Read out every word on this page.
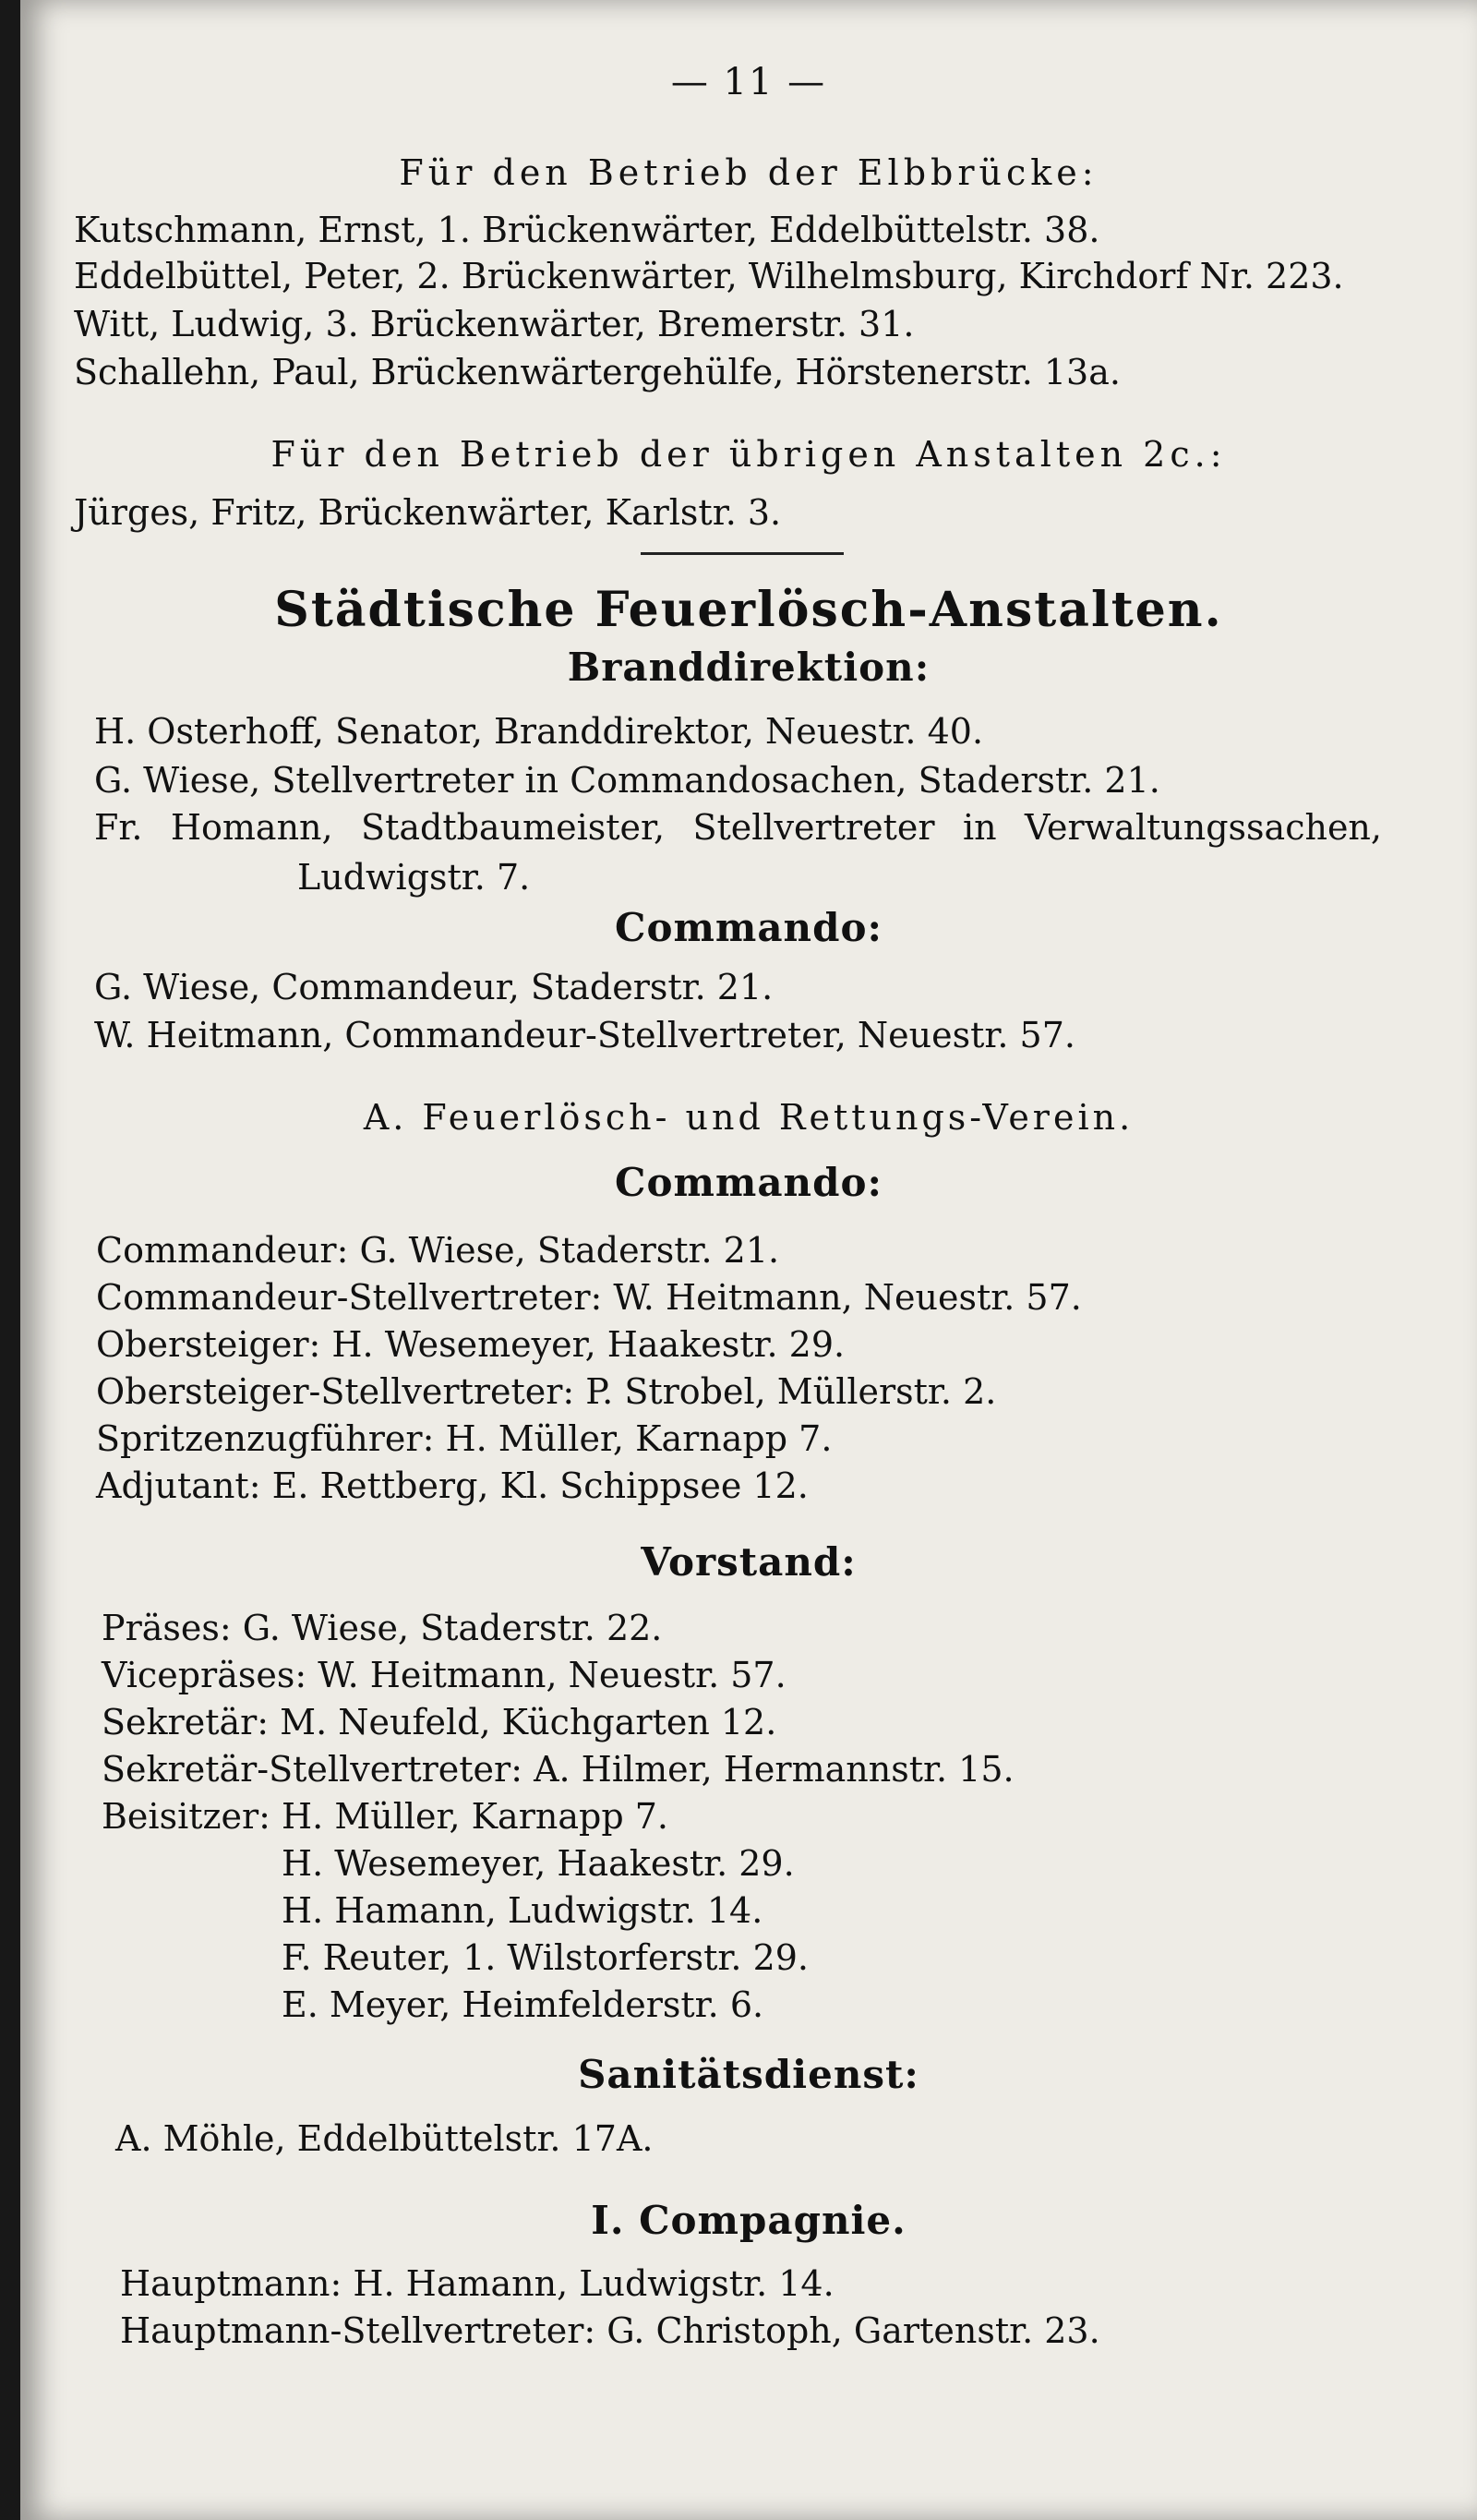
— 11 —
Für den Betrieb der Elbbrücke:
Kutschmann, Ernst, 1. Brückenwärter, Eddelbüttelstr. 38.
Eddelbüttel, Peter, 2. Brückenwärter, Wilhelmsburg, Kirchdorf Nr. 223.
Witt, Ludwig, 3. Brückenwärter, Bremerstr. 31.
Schallehn, Paul, Brückenwärtergehülfe, Hörstenerstr. 13a.
Für den Betrieb der übrigen Anstalten 2c.:
Jürges, Fritz, Brückenwärter, Karlstr. 3.
Städtische Feuerlösch-Anstalten.
Branddirektion:
H. Osterhoff, Senator, Branddirektor, Neuestr. 40.
G. Wiese, Stellvertreter in Commandosachen, Staderstr. 21.
Fr. Homann, Stadtbaumeister, Stellvertreter in Verwaltungssachen,
Ludwigstr. 7.
Commando:
G. Wiese, Commandeur, Staderstr. 21.
W. Heitmann, Commandeur-Stellvertreter, Neuestr. 57.
A. Feuerlösch- und Rettungs-Verein.
Commando:
Commandeur: G. Wiese, Staderstr. 21.
Commandeur-Stellvertreter: W. Heitmann, Neuestr. 57.
Obersteiger: H. Wesemeyer, Haakestr. 29.
Obersteiger-Stellvertreter: P. Strobel, Müllerstr. 2.
Spritzenzugführer: H. Müller, Karnapp 7.
Adjutant: E. Rettberg, Kl. Schippsee 12.
Vorstand:
Präses: G. Wiese, Staderstr. 22.
Vicepräses: W. Heitmann, Neuestr. 57.
Sekretär: M. Neufeld, Küchgarten 12.
Sekretär-Stellvertreter: A. Hilmer, Hermannstr. 15.
Beisitzer: H. Müller, Karnapp 7.
H. Wesemeyer, Haakestr. 29.
H. Hamann, Ludwigstr. 14.
F. Reuter, 1. Wilstorferstr. 29.
E. Meyer, Heimfelderstr. 6.
Sanitätsdienst:
A. Möhle, Eddelbüttelstr. 17A.
I. Compagnie.
Hauptmann: H. Hamann, Ludwigstr. 14.
Hauptmann-Stellvertreter: G. Christoph, Gartenstr. 23.
